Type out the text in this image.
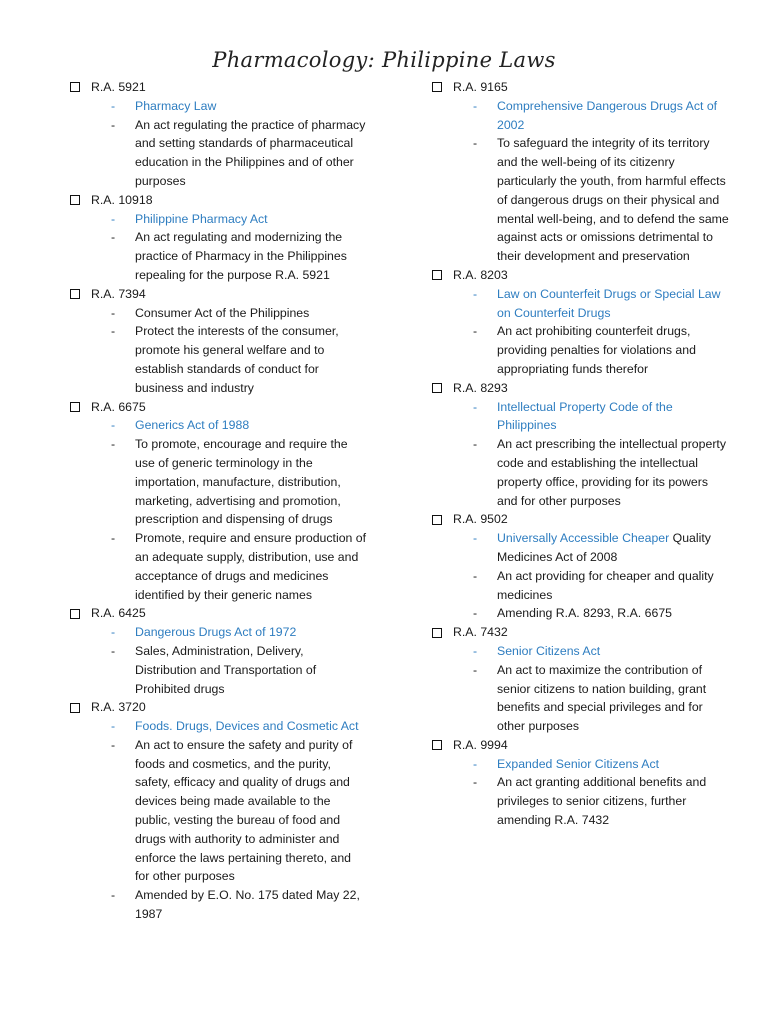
Pharmacology: Philippine Laws
R.A. 5921
-	Pharmacy Law
-	An act regulating the practice of pharmacy and setting standards of pharmaceutical education in the Philippines and of other purposes
R.A. 10918
-	Philippine Pharmacy Act
-	An act regulating and modernizing the practice of Pharmacy in the Philippines repealing for the purpose R.A. 5921
R.A. 7394
-	Consumer Act of the Philippines
-	Protect the interests of the consumer, promote his general welfare and to establish standards of conduct for business and industry
R.A. 6675
-	Generics Act of 1988
-	To promote, encourage and require the use of generic terminology in the importation, manufacture, distribution, marketing, advertising and promotion, prescription and dispensing of drugs
-	Promote, require and ensure production of an adequate supply, distribution, use and acceptance of drugs and medicines identified by their generic names
R.A. 6425
-	Dangerous Drugs Act of 1972
-	Sales, Administration, Delivery, Distribution and Transportation of Prohibited drugs
R.A. 3720
-	Foods. Drugs, Devices and Cosmetic Act
-	An act to ensure the safety and purity of foods and cosmetics, and the purity, safety, efficacy and quality of drugs and devices being made available to the public, vesting the bureau of food and drugs with authority to administer and enforce the laws pertaining thereto, and for other purposes
-	Amended by E.O. No. 175 dated May 22, 1987
R.A. 9165
-	Comprehensive Dangerous Drugs Act of 2002
-	To safeguard the integrity of its territory and the well-being of its citizenry particularly the youth, from harmful effects of dangerous drugs on their physical and mental well-being, and to defend the same against acts or omissions detrimental to their development and preservation
R.A. 8203
-	Law on Counterfeit Drugs or Special Law on Counterfeit Drugs
-	An act prohibiting counterfeit drugs, providing penalties for violations and appropriating funds therefor
R.A. 8293
-	Intellectual Property Code of the Philippines
-	An act prescribing the intellectual property code and establishing the intellectual property office, providing for its powers and for other purposes
R.A. 9502
-	Universally Accessible Cheaper Quality Medicines Act of 2008
-	An act providing for cheaper and quality medicines
-	Amending R.A. 8293, R.A. 6675
R.A. 7432
-	Senior Citizens Act
-	An act to maximize the contribution of senior citizens to nation building, grant benefits and special privileges and for other purposes
R.A. 9994
-	Expanded Senior Citizens Act
-	An act granting additional benefits and privileges to senior citizens, further amending R.A. 7432
